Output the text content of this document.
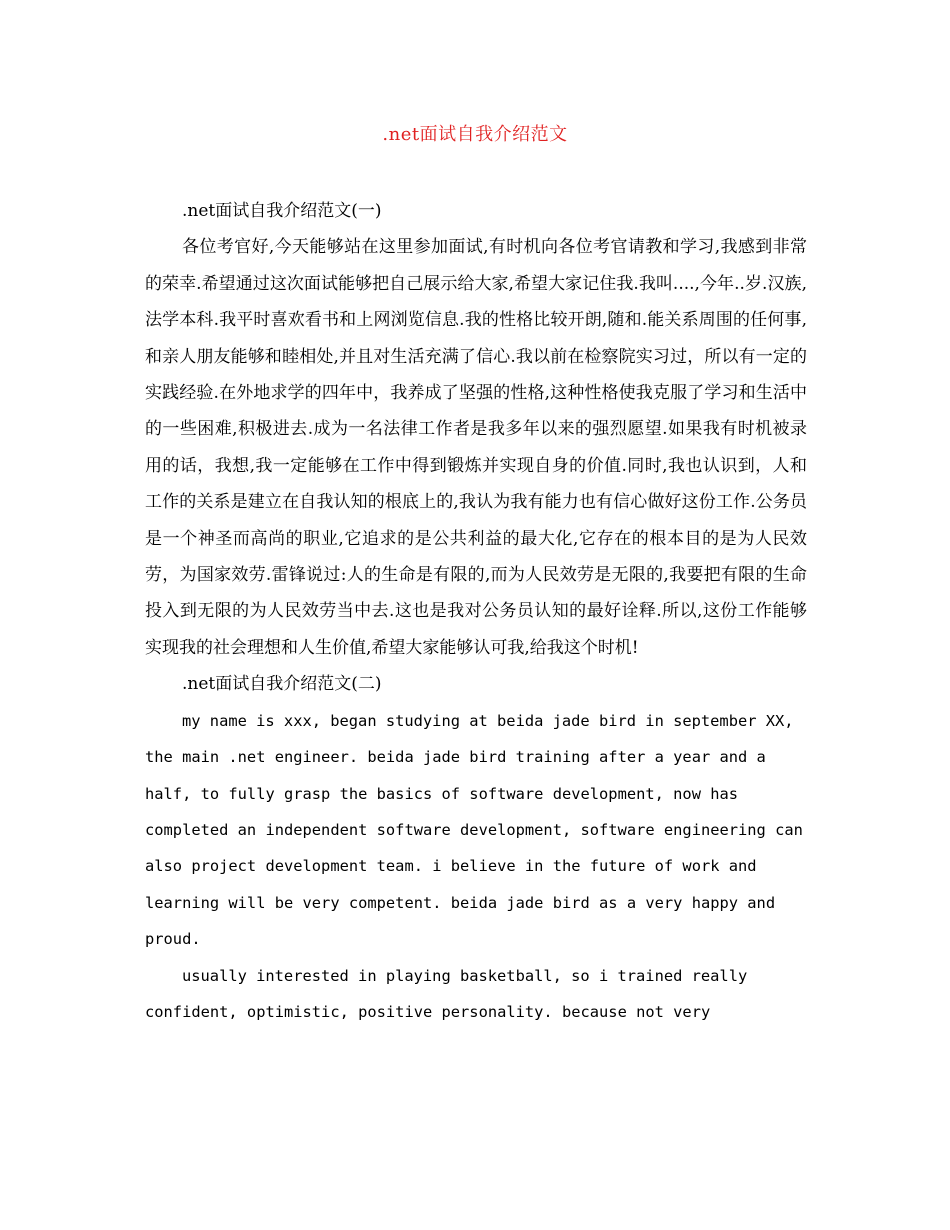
.net面试自我介绍范文

.net面试自我介绍范文(一)

各位考官好,今天能够站在这里参加面试,有时机向各位考官请教和学习,我感到非常的荣幸.希望通过这次面试能够把自己展示给大家,希望大家记住我.我叫....,今年..岁.汉族,法学本科.我平时喜欢看书和上网浏览信息.我的性格比较开朗,随和.能关系周围的任何事,和亲人朋友能够和睦相处,并且对生活充满了信心.我以前在检察院实习过，所以有一定的实践经验.在外地求学的四年中，我养成了坚强的性格,这种性格使我克服了学习和生活中的一些困难,积极进去.成为一名法律工作者是我多年以来的强烈愿望.如果我有时机被录用的话，我想,我一定能够在工作中得到锻炼并实现自身的价值.同时,我也认识到，人和工作的关系是建立在自我认知的根底上的,我认为我有能力也有信心做好这份工作.公务员是一个神圣而高尚的职业,它追求的是公共利益的最大化,它存在的根本目的是为人民效劳，为国家效劳.雷锋说过:人的生命是有限的,而为人民效劳是无限的,我要把有限的生命投入到无限的为人民效劳当中去.这也是我对公务员认知的最好诠释.所以,这份工作能够实现我的社会理想和人生价值,希望大家能够认可我,给我这个时机!

.net面试自我介绍范文(二)

my name is xxx, began studying at beida jade bird in september XX, the main .net engineer. beida jade bird training after a year and a half, to fully grasp the basics of software development, now has completed an independent software development, software engineering can also project development team. i believe in the future of work and learning will be very competent. beida jade bird as a very happy and proud.

usually interested in playing basketball, so i trained really confident, optimistic, positive personality. because not very
